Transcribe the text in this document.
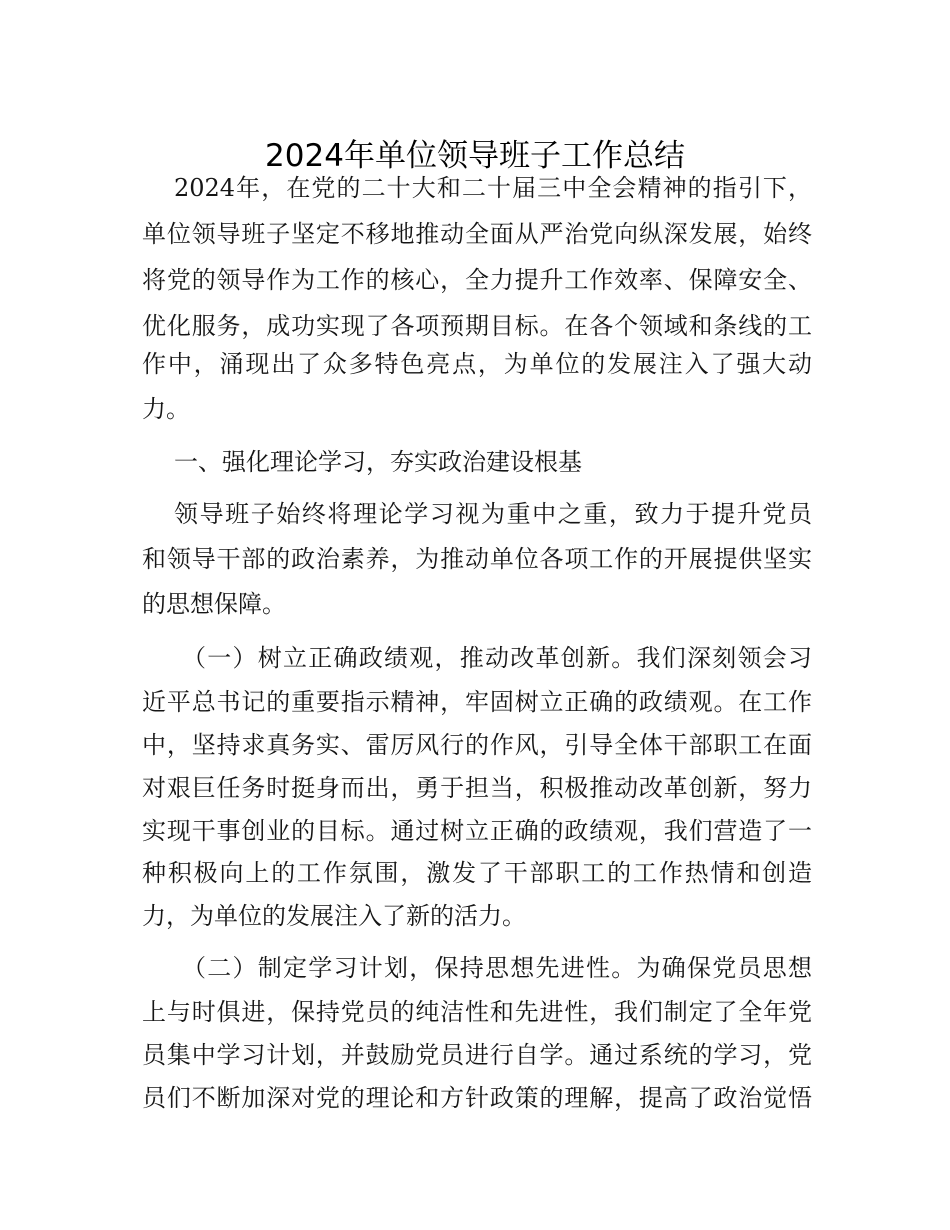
2024年单位领导班子工作总结
2024年，在党的二十大和二十届三中全会精神的指引下，
单位领导班子坚定不移地推动全面从严治党向纵深发展，始终
将党的领导作为工作的核心，全力提升工作效率、保障安全、
优化服务，成功实现了各项预期目标。在各个领域和条线的工
作中，涌现出了众多特色亮点，为单位的发展注入了强大动
力。
一、强化理论学习，夯实政治建设根基
领导班子始终将理论学习视为重中之重，致力于提升党员
和领导干部的政治素养，为推动单位各项工作的开展提供坚实
的思想保障。
（一）树立正确政绩观，推动改革创新。我们深刻领会习
近平总书记的重要指示精神，牢固树立正确的政绩观。在工作
中，坚持求真务实、雷厉风行的作风，引导全体干部职工在面
对艰巨任务时挺身而出，勇于担当，积极推动改革创新，努力
实现干事创业的目标。通过树立正确的政绩观，我们营造了一
种积极向上的工作氛围，激发了干部职工的工作热情和创造
力，为单位的发展注入了新的活力。
（二）制定学习计划，保持思想先进性。为确保党员思想
上与时俱进，保持党员的纯洁性和先进性，我们制定了全年党
员集中学习计划，并鼓励党员进行自学。通过系统的学习，党
员们不断加深对党的理论和方针政策的理解，提高了政治觉悟
